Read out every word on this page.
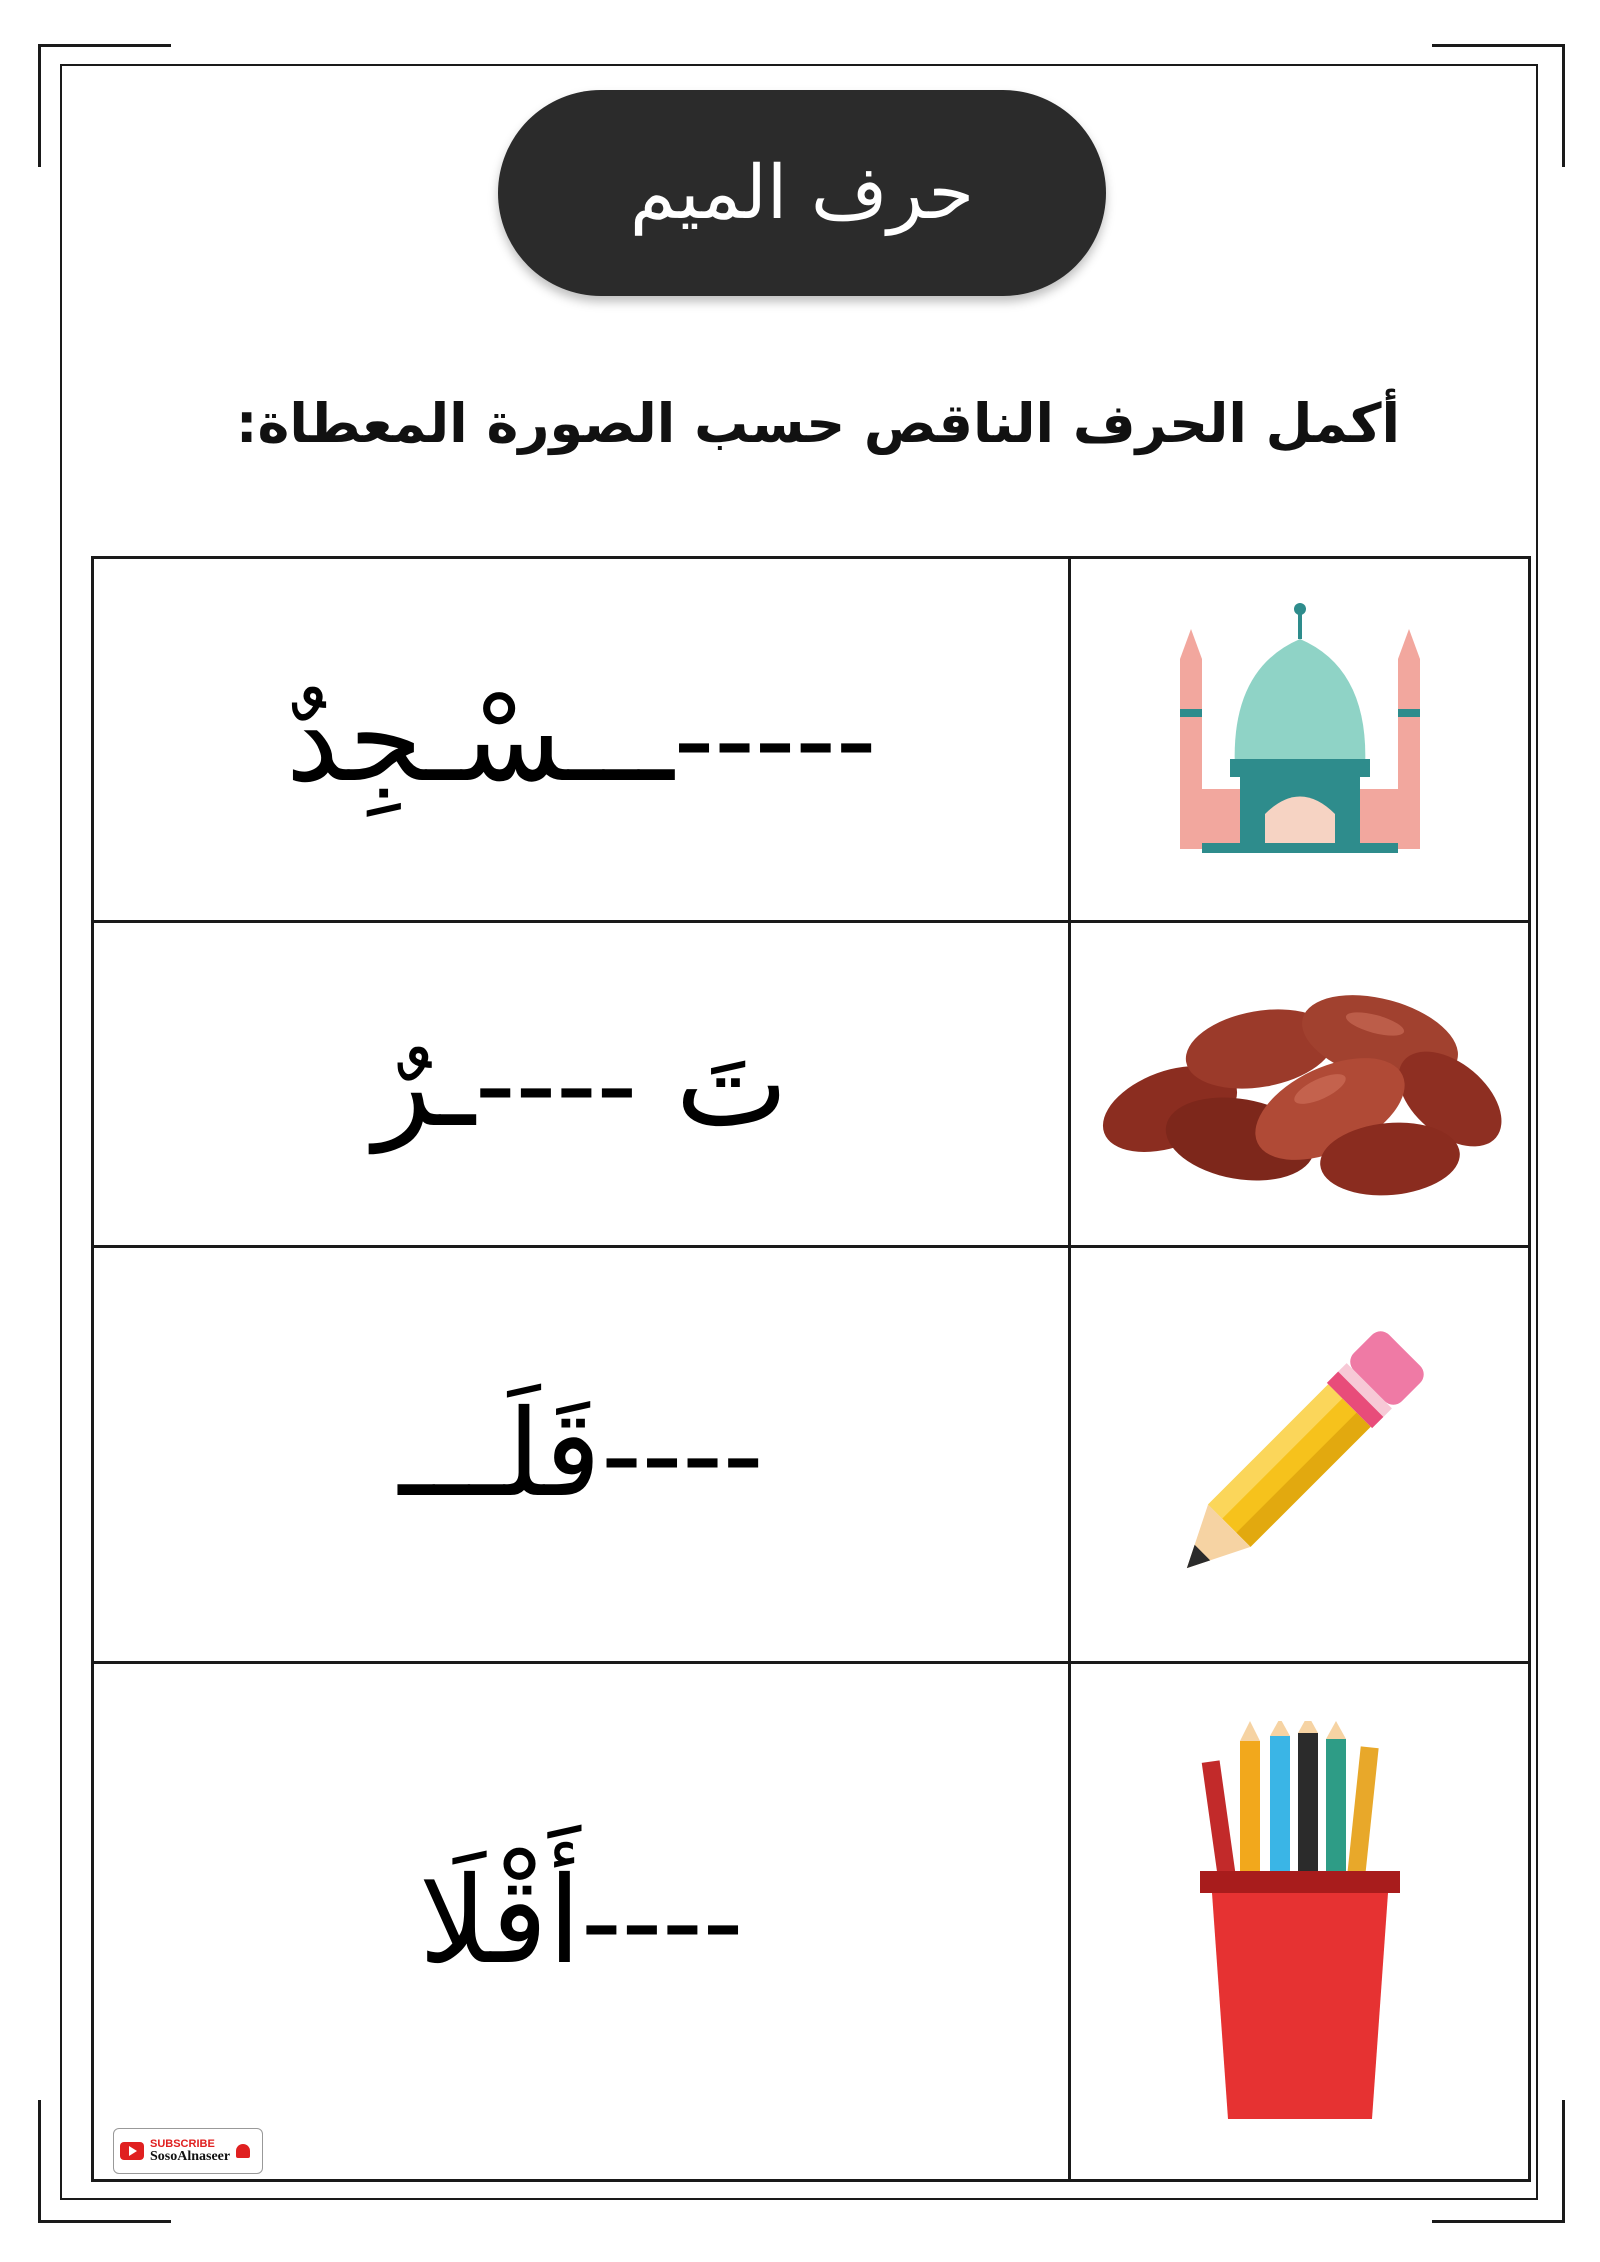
حرف الميم
أكمل الحرف الناقص حسب الصورة المعطاة:
ـــسْـجِدٌ-----	

تَ ----ـرٌ	

قَلَـــ----	

أَقْلَا----	
SUBSCRIBE
SosoAlnaseer
